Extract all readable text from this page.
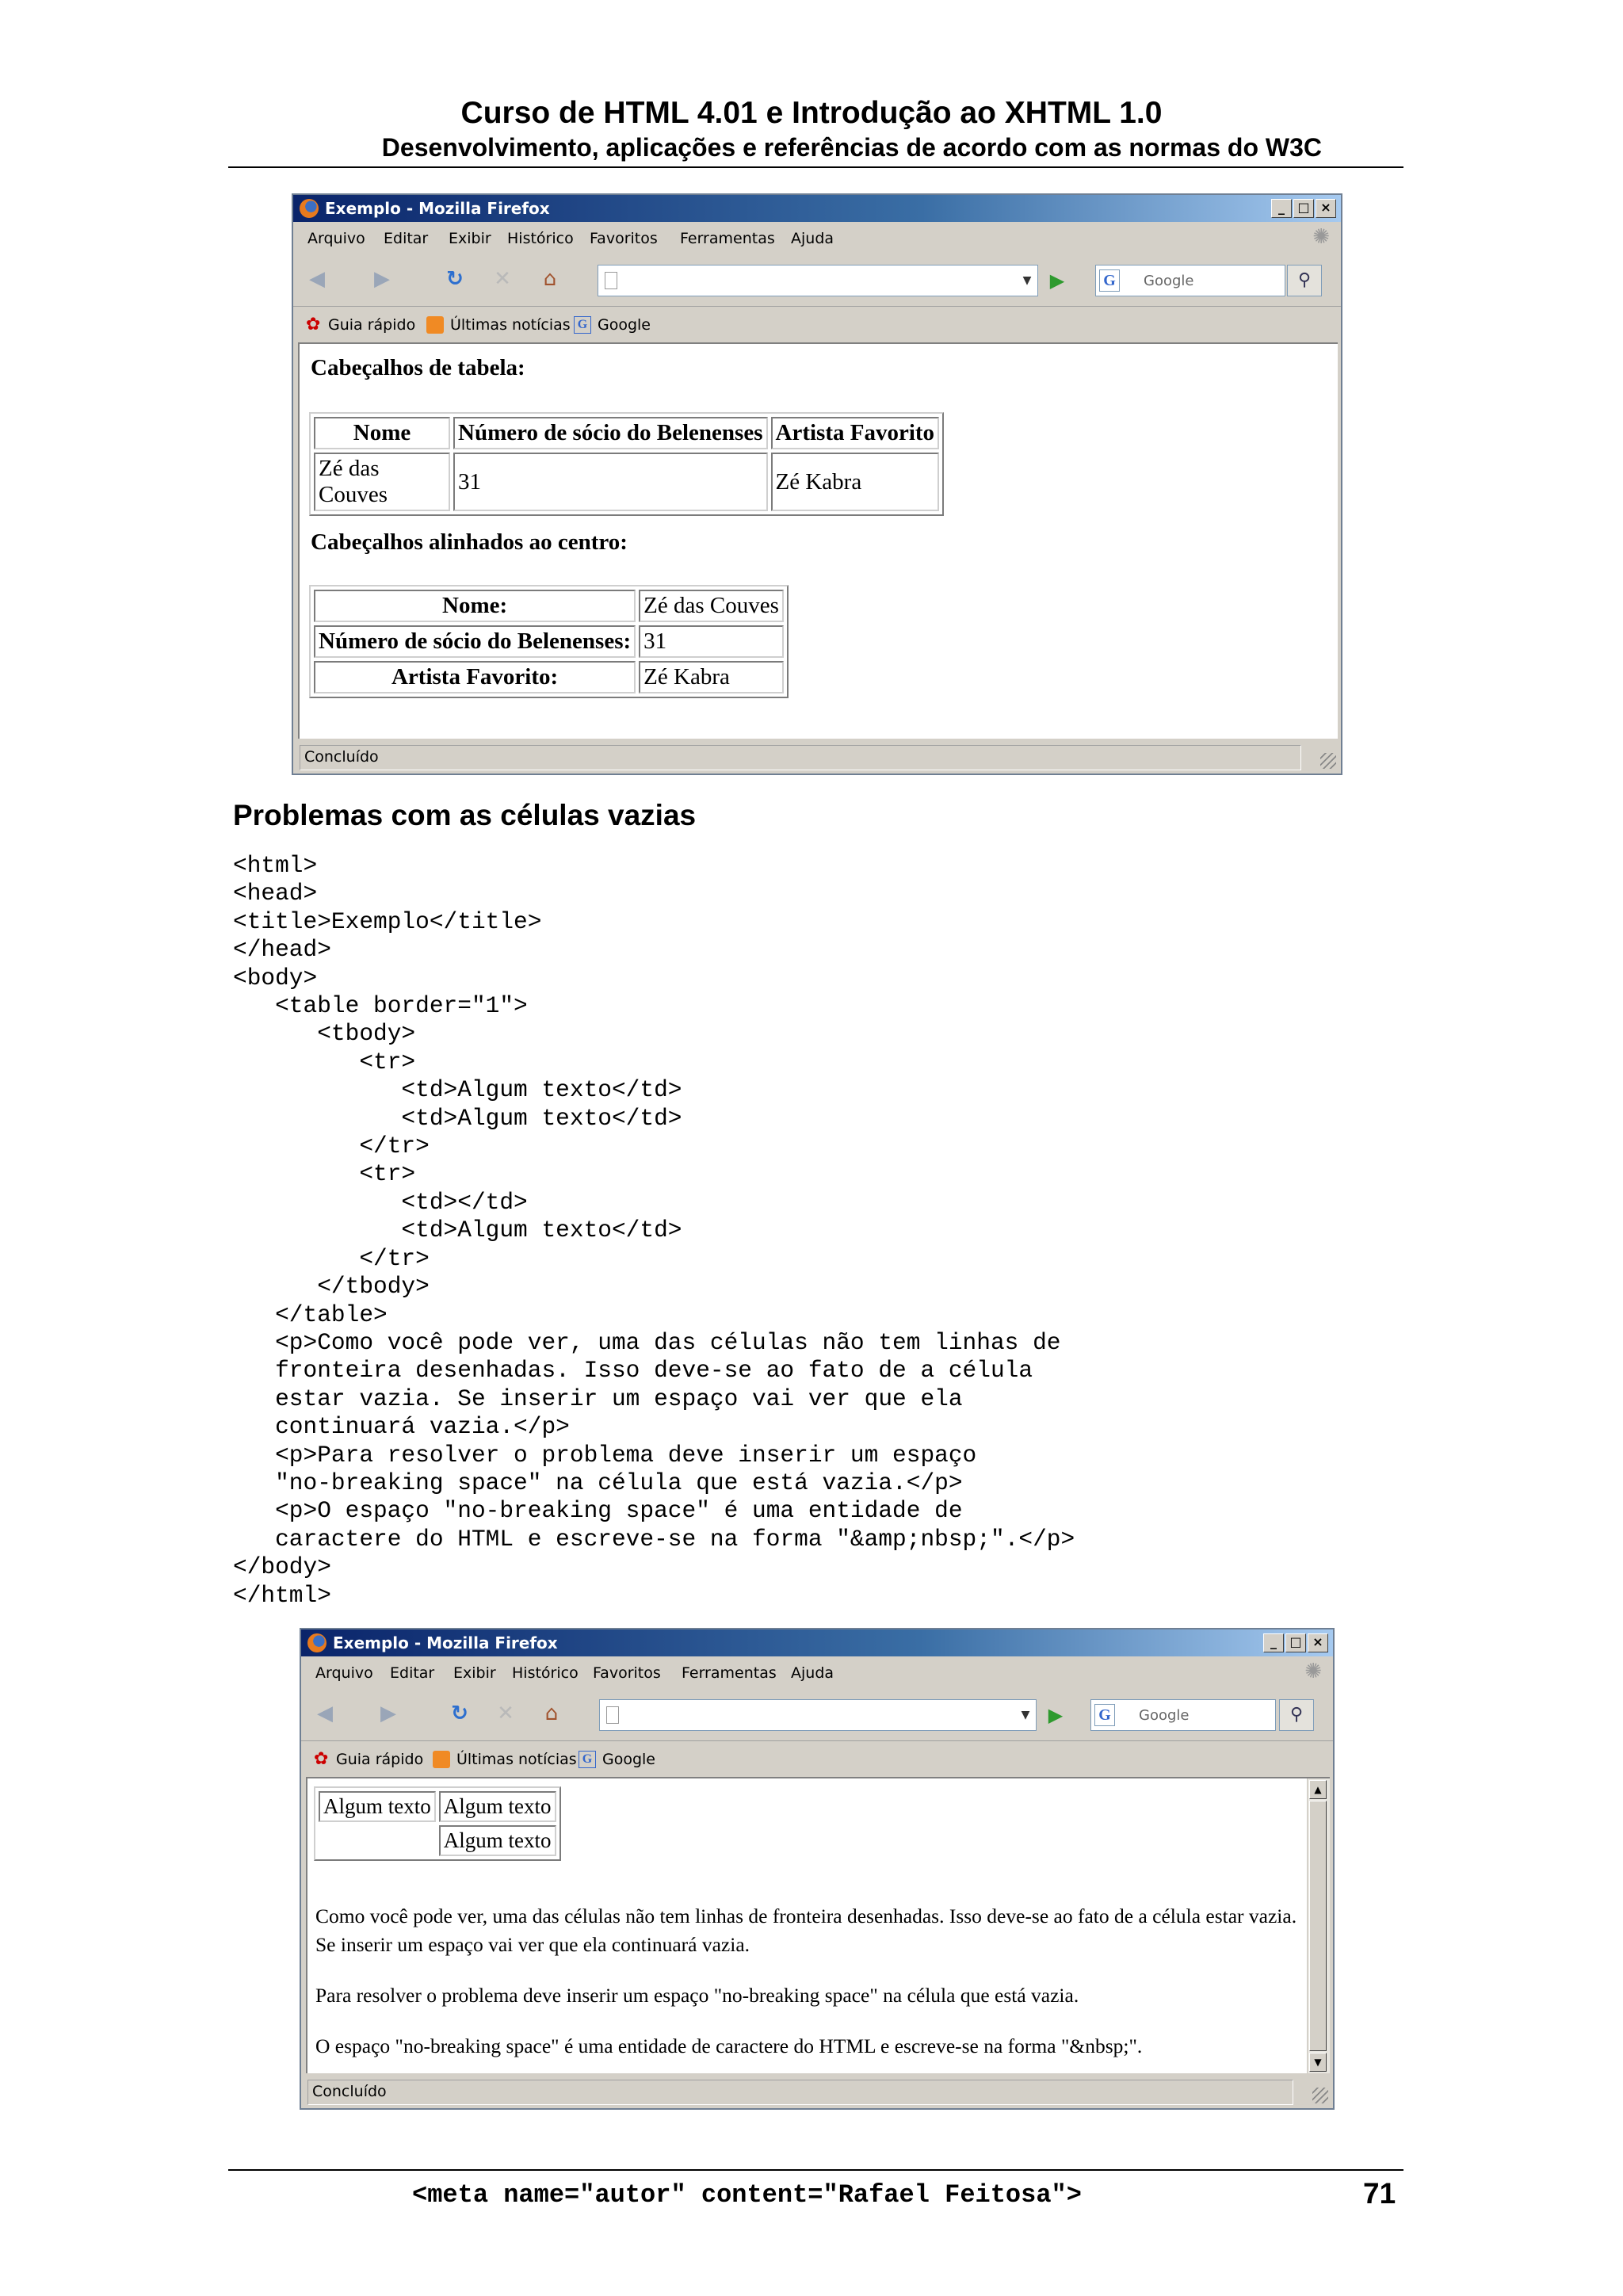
Curso de HTML 4.01 e Introdução ao XHTML 1.0
Desenvolvimento, aplicações e referências de acordo com as normas do W3C
Exemplo - Mozilla Firefox	_	□ ×
Arquivo Editar Exibir Histórico Favoritos Ferramentas Ajuda	✺
◀	▶	↻	✕	⌂	▼ ▶	G Google	⚲
✿ Guia rápido Últimas notícias G Google
Cabeçalhos de tabela:
Nome	Número de sócio do Belenenses	Artista Favorito
Zé das Couves	31	Zé Kabra
Cabeçalhos alinhados ao centro:
Nome:	Zé das Couves
Número de sócio do Belenenses:	31
Artista Favorito:	Zé Kabra
Concluído
Problemas com as células vazias
<html>
<head>
<title>Exemplo</title>
</head>
<body>
<table border="1">
<tbody>
<tr>
<td>Algum texto</td>
<td>Algum texto</td>
</tr>
<tr>
<td></td>
<td>Algum texto</td>
</tr>
</tbody>
</table>
<p>Como você pode ver, uma das células não tem linhas de
fronteira desenhadas. Isso deve-se ao fato de a célula
estar vazia. Se inserir um espaço vai ver que ela
continuará vazia.</p>
<p>Para resolver o problema deve inserir um espaço
"no-breaking space" na célula que está vazia.</p>
<p>O espaço "no-breaking space" é uma entidade de
caractere do HTML e escreve-se na forma "&amp;nbsp;".</p>
</body>
</html>
Exemplo - Mozilla Firefox	_	□ ×
Arquivo Editar Exibir Histórico Favoritos Ferramentas Ajuda	✺
◀	▶	↻	✕	⌂	▼ ▶	G Google	⚲
✿ Guia rápido Últimas notícias G Google
Algum texto	Algum texto
	Algum texto
Como você pode ver, uma das células não tem linhas de fronteira desenhadas. Isso deve-se ao fato de a célula estar vazia. Se inserir um espaço vai ver que ela continuará vazia.
Para resolver o problema deve inserir um espaço "no-breaking space" na célula que está vazia.
O espaço "no-breaking space" é uma entidade de caractere do HTML e escreve-se na forma "&nbsp;".
▲
▼
Concluído
<meta name="autor" content="Rafael Feitosa">	71
